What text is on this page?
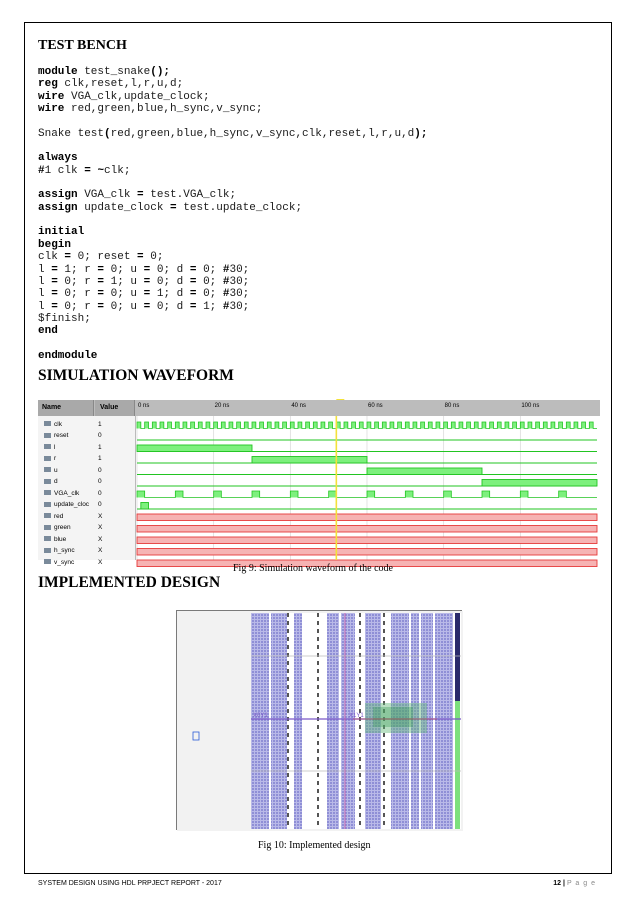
TEST BENCH
module test_snake();
reg clk,reset,l,r,u,d;
wire VGA_clk,update_clock;
wire red,green,blue,h_sync,v_sync;
Snake test(red,green,blue,h_sync,v_sync,clk,reset,l,r,u,d);
always
#1 clk = ~clk;
assign VGA_clk = test.VGA_clk;
assign update_clock = test.update_clock;
initial
begin
clk = 0; reset = 0;
l = 1; r = 0; u = 0; d = 0; #30;
l = 0; r = 1; u = 0; d = 0; #30;
l = 0; r = 0; u = 1; d = 0; #30;
l = 0; r = 0; u = 0; d = 1; #30;
$finish;
end
endmodule
SIMULATION WAVEFORM
Name	Value
clk	1
reset	0
l	1
r	1
u	0
d	0
VGA_clk	0
update_cloc 0
red	X
green	X
blue	X
h_sync	X
v_sync	X
0 ns	20 ns	40 ns	60 ns	80 ns	100 ns

Fig 9: Simulation waveform of the code

IMPLEMENTED DESIGN
X0Y1	X1Y1

Fig 10: Implemented design

SYSTEM DESIGN USING HDL PRPJECT REPORT - 2017	12 | P a g e
